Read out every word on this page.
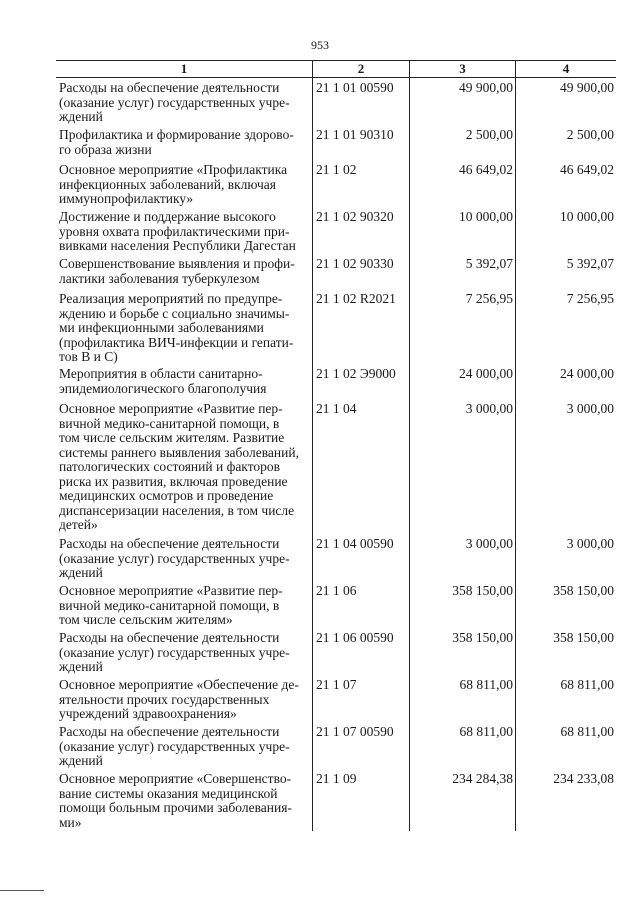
953
1	2	3	4
Расходы на обеспечение деятельности
(оказание услуг) государственных учре-
ждений
21 1 01 00590	49 900,00	49 900,00
Профилактика и формирование здорово-
го образа жизни
21 1 01 90310	2 500,00	2 500,00
Основное мероприятие «Профилактика
инфекционных заболеваний, включая
иммунопрофилактику»
21 1 02	46 649,02	46 649,02
Достижение и поддержание высокого
уровня охвата профилактическими при-
вивками населения Республики Дагестан
21 1 02 90320	10 000,00	10 000,00
Совершенствование выявления и профи-
лактики заболевания туберкулезом
21 1 02 90330	5 392,07	5 392,07
Реализация мероприятий по предупре-
ждению и борьбе с социально значимы-
ми инфекционными заболеваниями
(профилактика ВИЧ-инфекции и гепати-
тов В и С)
21 1 02 R2021	7 256,95	7 256,95
Мероприятия в области санитарно-
эпидемиологического благополучия
21 1 02 Э9000	24 000,00	24 000,00
Основное мероприятие «Развитие пер-
вичной медико-санитарной помощи, в
том числе сельским жителям. Развитие
системы раннего выявления заболеваний,
патологических состояний и факторов
риска их развития, включая проведение
медицинских осмотров и проведение
диспансеризации населения, в том числе
детей»
21 1 04	3 000,00	3 000,00
Расходы на обеспечение деятельности
(оказание услуг) государственных учре-
ждений
21 1 04 00590	3 000,00	3 000,00
Основное мероприятие «Развитие пер-
вичной медико-санитарной помощи, в
том числе сельским жителям»
21 1 06	358 150,00	358 150,00
Расходы на обеспечение деятельности
(оказание услуг) государственных учре-
ждений
21 1 06 00590	358 150,00	358 150,00
Основное мероприятие «Обеспечение де-
ятельности прочих государственных
учреждений здравоохранения»
21 1 07	68 811,00	68 811,00
Расходы на обеспечение деятельности
(оказание услуг) государственных учре-
ждений
21 1 07 00590	68 811,00	68 811,00
Основное мероприятие «Совершенство-
вание системы оказания медицинской
помощи больным прочими заболевания-
ми»
21 1 09	234 284,38	234 233,08
